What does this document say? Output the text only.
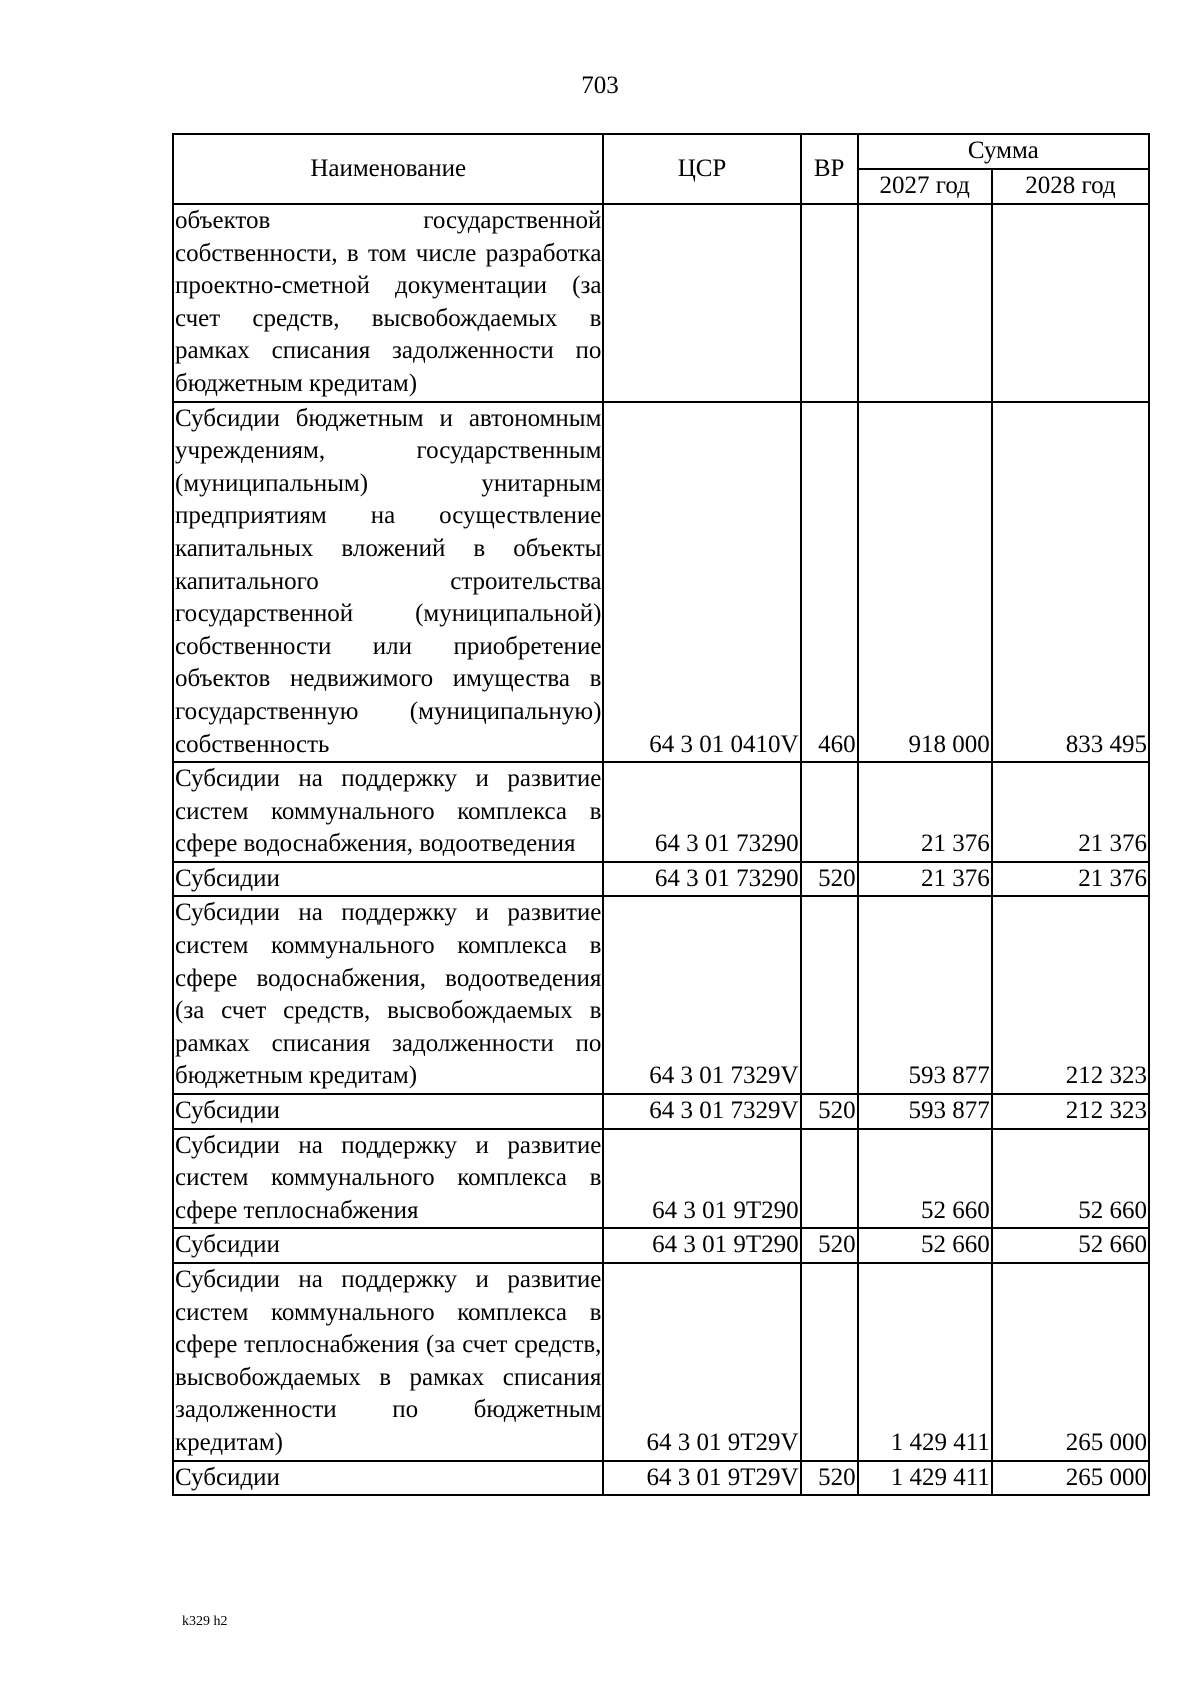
703
Наименование	ЦСР	ВР	Сумма	
			2027 год	2028 год
объектов государственной собственности, в том числе разработка проектно-сметной документации (за счет средств, высвобождаемых в рамках списания задолженности по бюджетным кредитам)				
Субсидии бюджетным и автономным учреждениям, государственным (муниципальным) унитарным предприятиям на осуществление капитальных вложений в объекты капитального строительства государственной (муниципальной) собственности или приобретение объектов недвижимого имущества в государственную (муниципальную) собственность	64 3 01 0410V	460	918 000	833 495
Субсидии на поддержку и развитие систем коммунального комплекса в сфере водоснабжения, водоотведения	64 3 01 73290		21 376	21 376
Субсидии	64 3 01 73290	520	21 376	21 376
Субсидии на поддержку и развитие систем коммунального комплекса в сфере водоснабжения, водоотведения (за счет средств, высвобождаемых в рамках списания задолженности по бюджетным кредитам)	64 3 01 7329V		593 877	212 323
Субсидии	64 3 01 7329V	520	593 877	212 323
Субсидии на поддержку и развитие систем коммунального комплекса в сфере теплоснабжения	64 3 01 9Т290		52 660	52 660
Субсидии	64 3 01 9Т290	520	52 660	52 660
Субсидии на поддержку и развитие систем коммунального комплекса в сфере теплоснабжения (за счет средств, высвобождаемых в рамках списания задолженности по бюджетным кредитам)	64 3 01 9Т29V		1 429 411	265 000
Субсидии	64 3 01 9Т29V	520	1 429 411	265 000
k329 h2
